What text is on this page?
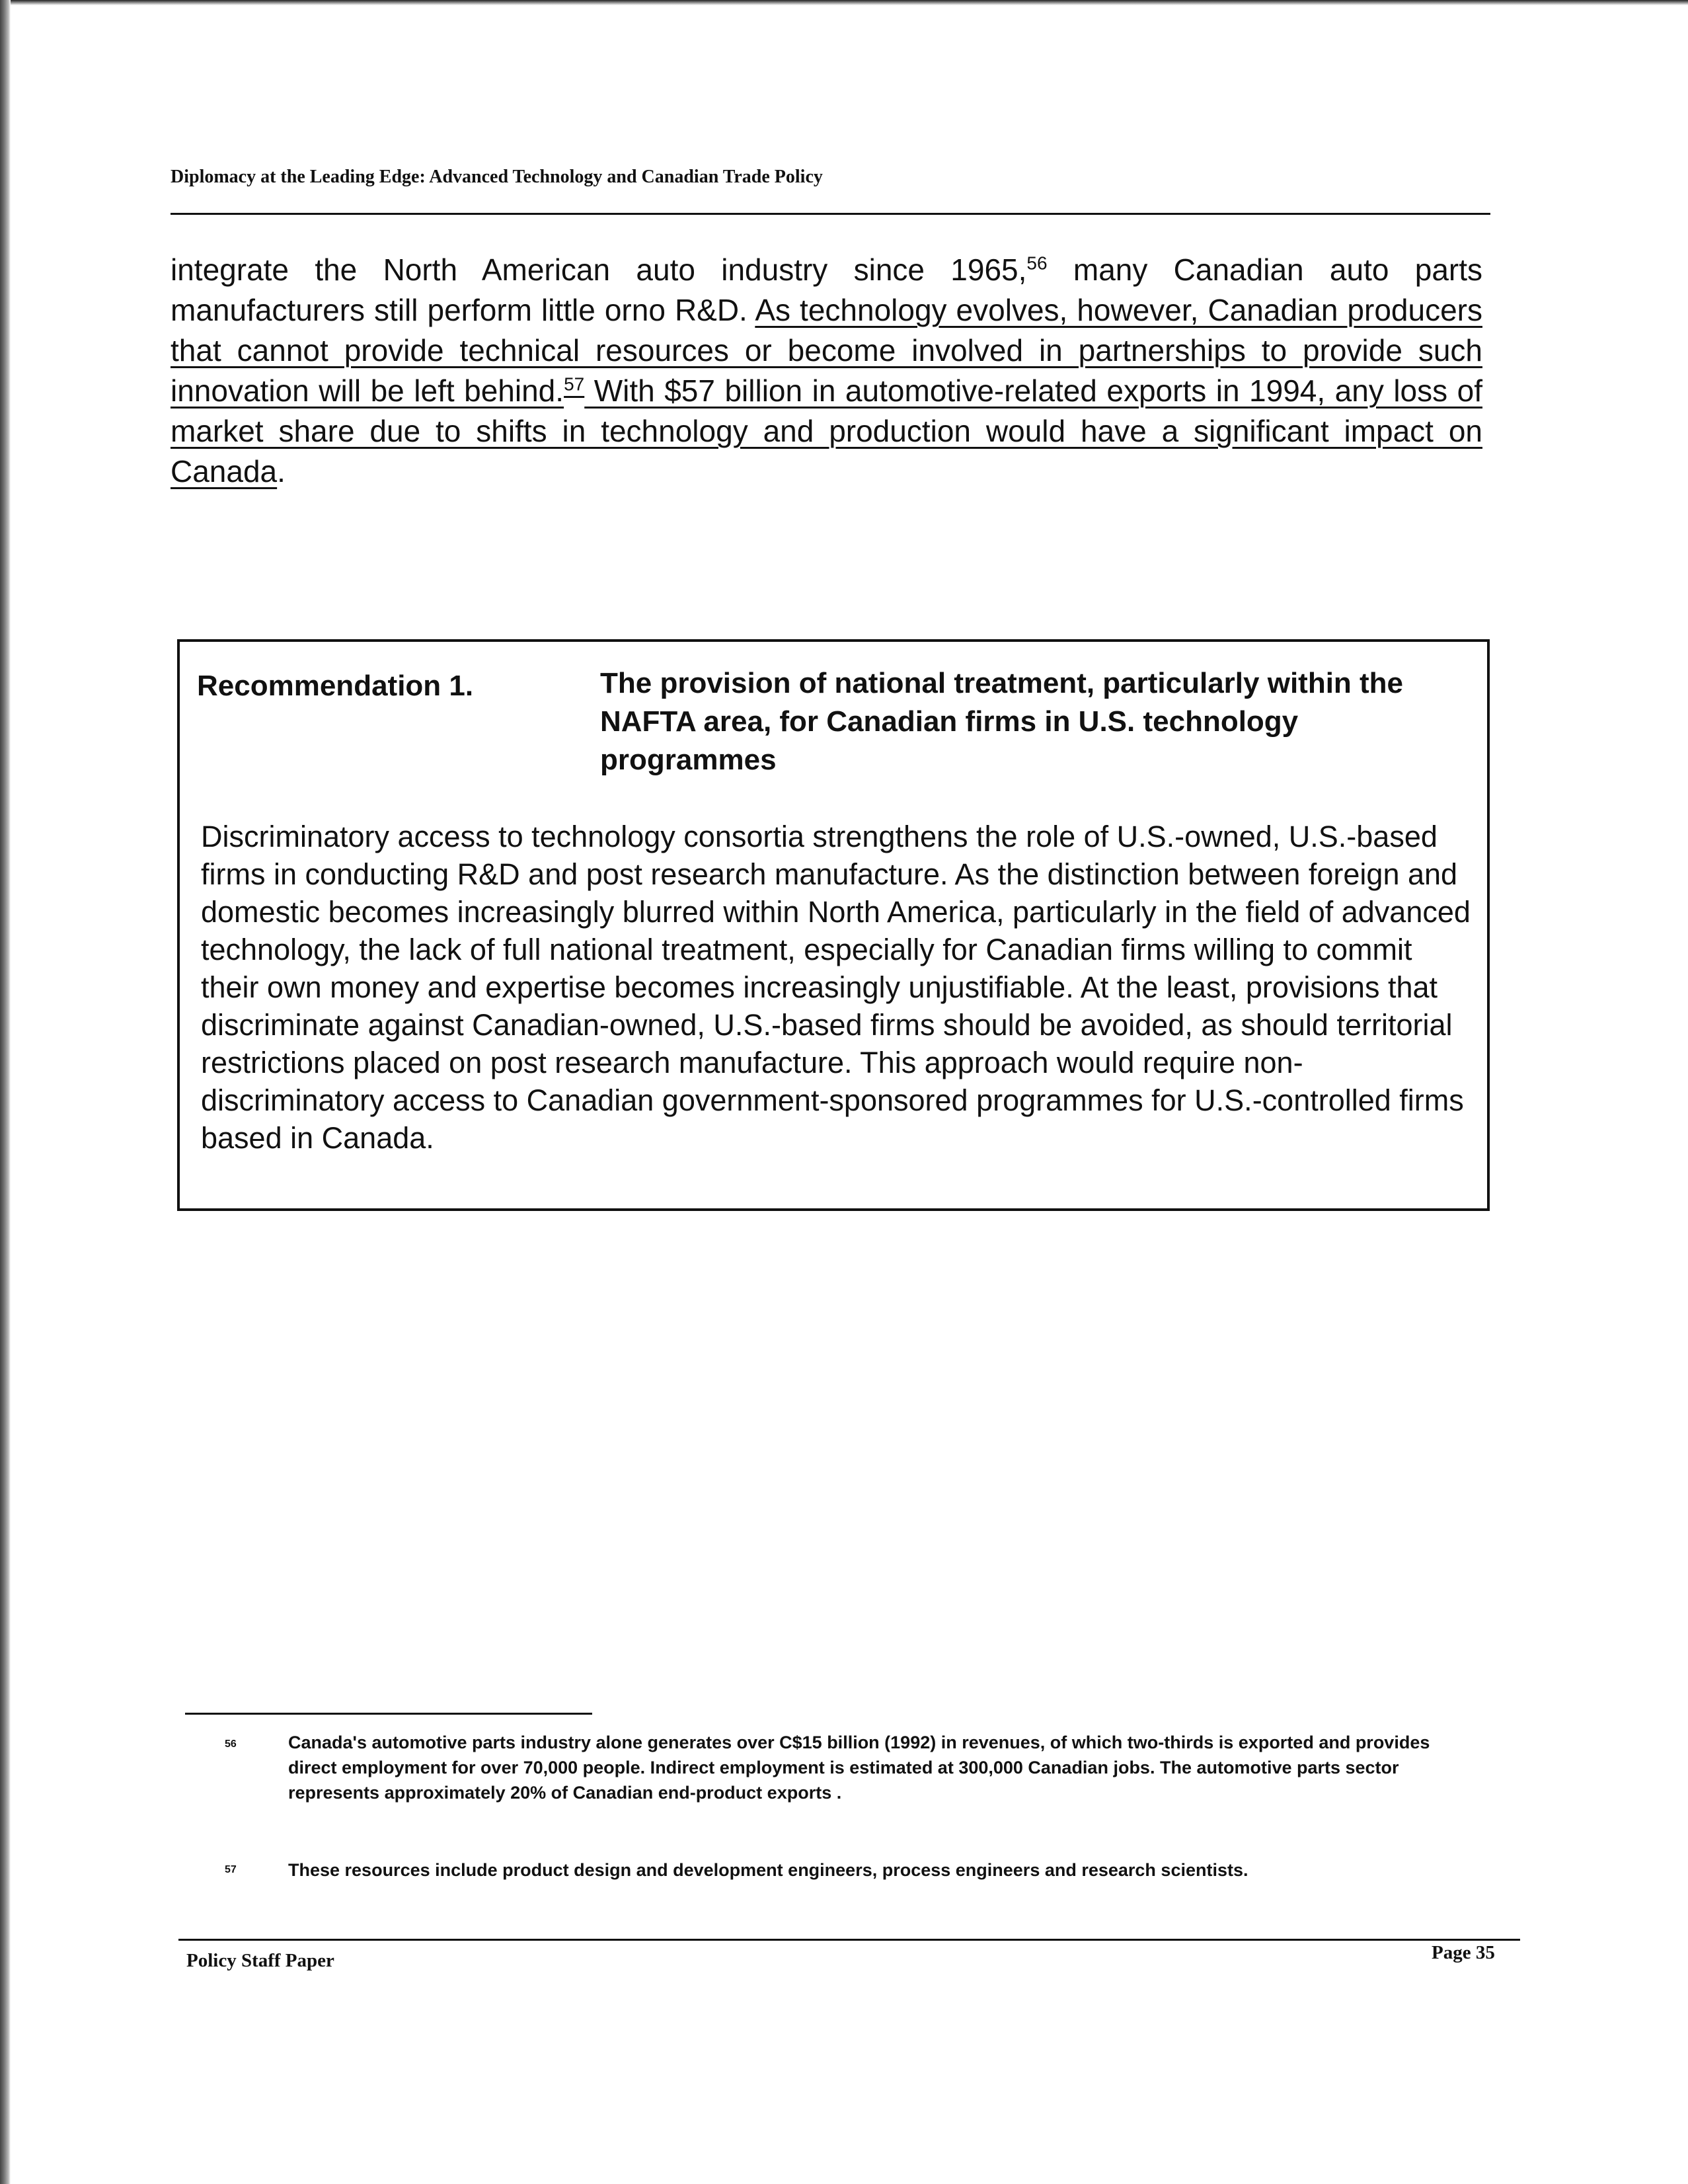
Diplomacy at the Leading Edge: Advanced Technology and Canadian Trade Policy
integrate the North American auto industry since 1965,56 many Canadian auto parts manufacturers still perform little orno R&D. As technology evolves, however, Canadian producers that cannot provide technical resources or become involved in partnerships to provide such innovation will be left behind.$^{57}$ With $57 billion in automotive-related exports in 1994, any loss of market share due to shifts in technology and production would have a significant impact on Canada.
Recommendation 1.	The provision of national treatment, particularly within the NAFTA area, for Canadian firms in U.S. technology programmes
Discriminatory access to technology consortia strengthens the role of U.S.-owned, U.S.-based firms in conducting R&D and post research manufacture. As the distinction between foreign and domestic becomes increasingly blurred within North America, particularly in the field of advanced technology, the lack of full national treatment, especially for Canadian firms willing to commit their own money and expertise becomes increasingly unjustifiable. At the least, provisions that discriminate against Canadian-owned, U.S.-based firms should be avoided, as should territorial restrictions placed on post research manufacture. This approach would require non-discriminatory access to Canadian government-sponsored programmes for U.S.-controlled firms based in Canada.
56	Canada's automotive parts industry alone generates over C$15 billion (1992) in revenues, of which two-thirds is exported and provides direct employment for over 70,000 people. Indirect employment is estimated at 300,000 Canadian jobs. The automotive parts sector represents approximately 20% of Canadian end-product exports .
57	These resources include product design and development engineers, process engineers and research scientists.
Policy Staff Paper	Page 35
